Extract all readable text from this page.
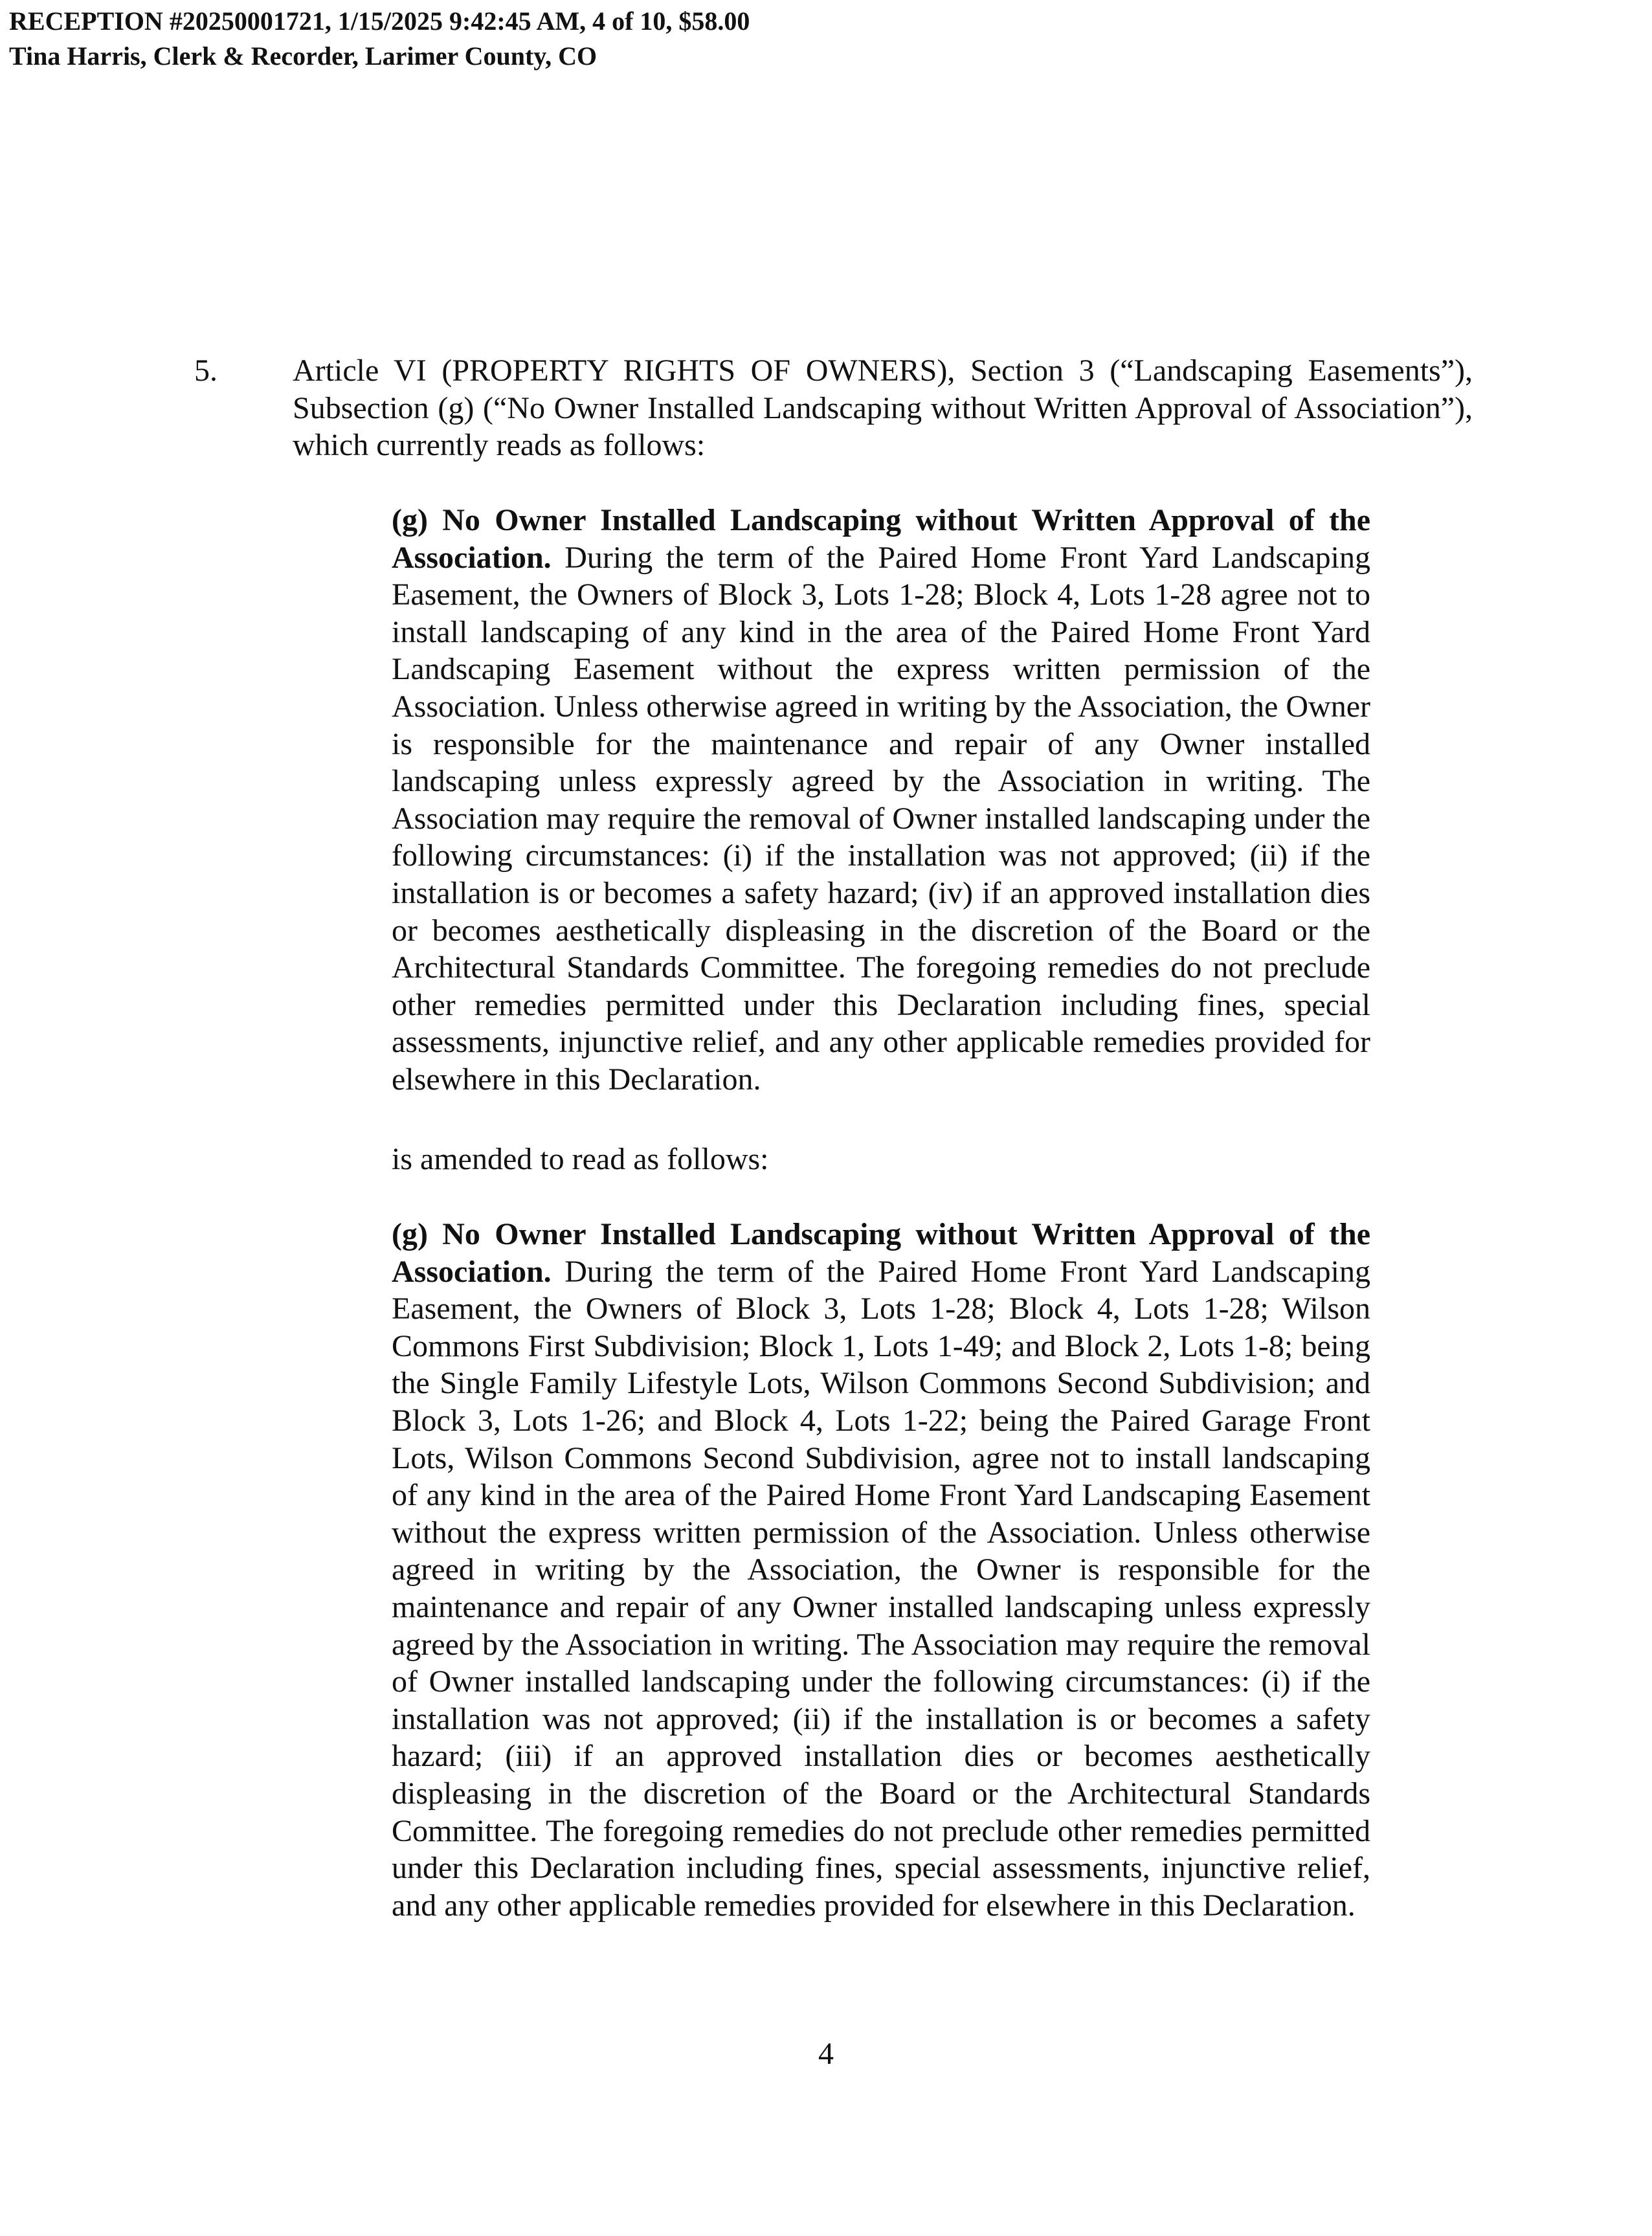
RECEPTION #20250001721, 1/15/2025 9:42:45 AM, 4 of 10, $58.00
Tina Harris, Clerk & Recorder, Larimer County, CO
5. Article VI (PROPERTY RIGHTS OF OWNERS), Section 3 (“Landscaping Easements”), Subsection (g) (“No Owner Installed Landscaping without Written Approval of Association”), which currently reads as follows:
(g) No Owner Installed Landscaping without Written Approval of the Association. During the term of the Paired Home Front Yard Landscaping Easement, the Owners of Block 3, Lots 1-28; Block 4, Lots 1-28 agree not to install landscaping of any kind in the area of the Paired Home Front Yard Landscaping Easement without the express written permission of the Association. Unless otherwise agreed in writing by the Association, the Owner is responsible for the maintenance and repair of any Owner installed landscaping unless expressly agreed by the Association in writing. The Association may require the removal of Owner installed landscaping under the following circumstances: (i) if the installation was not approved; (ii) if the installation is or becomes a safety hazard; (iv) if an approved installation dies or becomes aesthetically displeasing in the discretion of the Board or the Architectural Standards Committee. The foregoing remedies do not preclude other remedies permitted under this Declaration including fines, special assessments, injunctive relief, and any other applicable remedies provided for elsewhere in this Declaration.
is amended to read as follows:
(g) No Owner Installed Landscaping without Written Approval of the Association. During the term of the Paired Home Front Yard Landscaping Easement, the Owners of Block 3, Lots 1-28; Block 4, Lots 1-28; Wilson Commons First Subdivision; Block 1, Lots 1-49; and Block 2, Lots 1-8; being the Single Family Lifestyle Lots, Wilson Commons Second Subdivision; and Block 3, Lots 1-26; and Block 4, Lots 1-22; being the Paired Garage Front Lots, Wilson Commons Second Subdivision, agree not to install landscaping of any kind in the area of the Paired Home Front Yard Landscaping Easement without the express written permission of the Association. Unless otherwise agreed in writing by the Association, the Owner is responsible for the maintenance and repair of any Owner installed landscaping unless expressly agreed by the Association in writing. The Association may require the removal of Owner installed landscaping under the following circumstances: (i) if the installation was not approved; (ii) if the installation is or becomes a safety hazard; (iii) if an approved installation dies or becomes aesthetically displeasing in the discretion of the Board or the Architectural Standards Committee. The foregoing remedies do not preclude other remedies permitted under this Declaration including fines, special assessments, injunctive relief, and any other applicable remedies provided for elsewhere in this Declaration.
4
